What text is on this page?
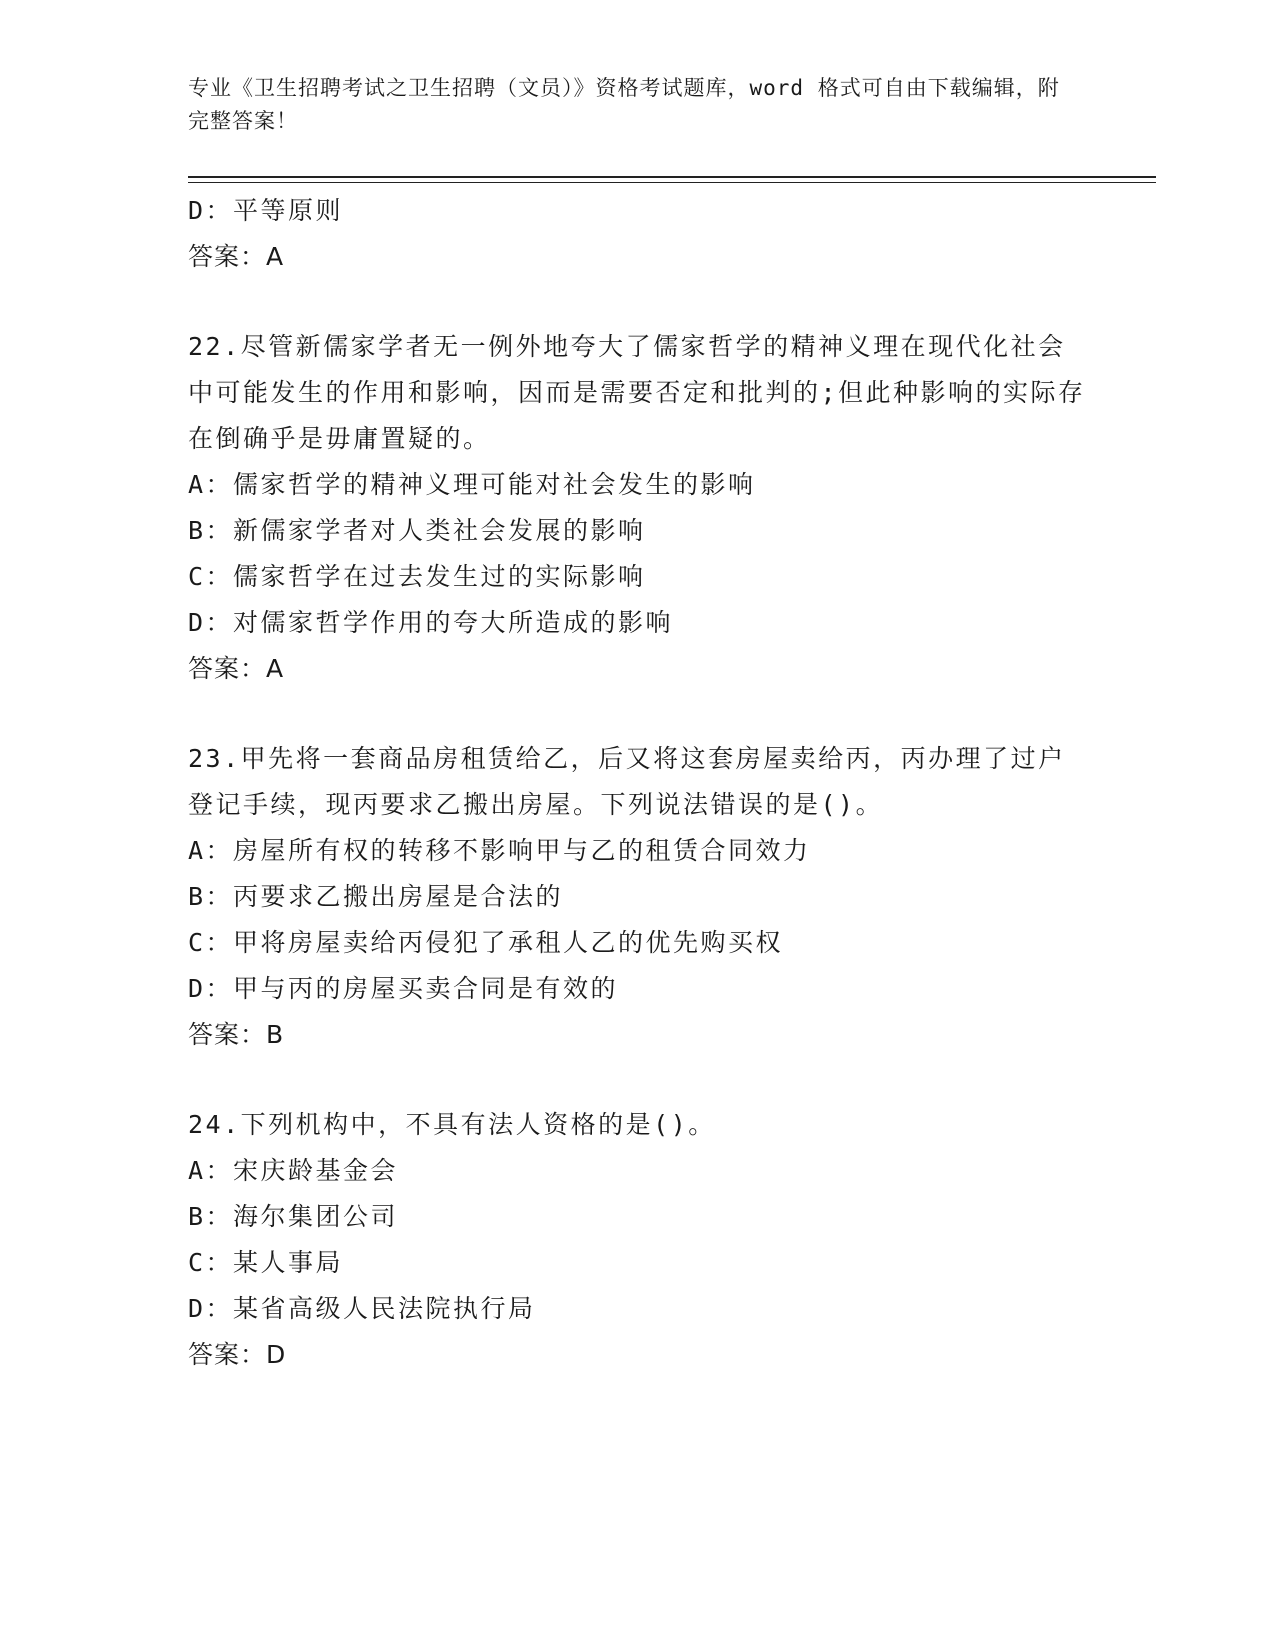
专业《卫生招聘考试之卫生招聘（文员）》资格考试题库，word 格式可自由下载编辑，附完整答案！
D：平等原则
答案：A
22.尽管新儒家学者无一例外地夸大了儒家哲学的精神义理在现代化社会中可能发生的作用和影响，因而是需要否定和批判的;但此种影响的实际存在倒确乎是毋庸置疑的。
A：儒家哲学的精神义理可能对社会发生的影响
B：新儒家学者对人类社会发展的影响
C：儒家哲学在过去发生过的实际影响
D：对儒家哲学作用的夸大所造成的影响
答案：A
23.甲先将一套商品房租赁给乙，后又将这套房屋卖给丙，丙办理了过户登记手续，现丙要求乙搬出房屋。下列说法错误的是()。
A：房屋所有权的转移不影响甲与乙的租赁合同效力
B：丙要求乙搬出房屋是合法的
C：甲将房屋卖给丙侵犯了承租人乙的优先购买权
D：甲与丙的房屋买卖合同是有效的
答案：B
24.下列机构中，不具有法人资格的是()。
A：宋庆龄基金会
B：海尔集团公司
C：某人事局
D：某省高级人民法院执行局
答案：D
